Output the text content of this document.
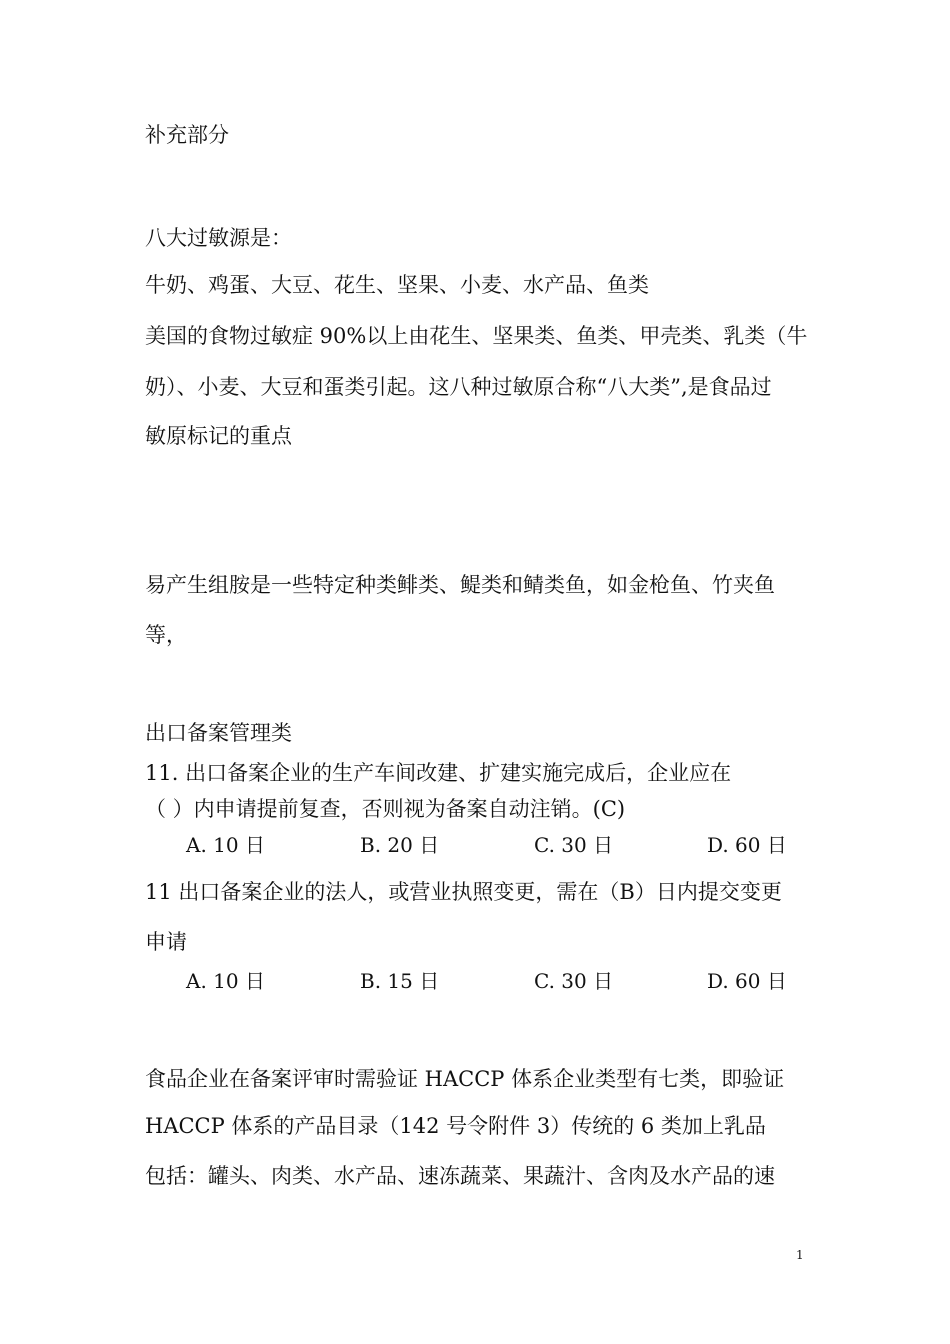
补充部分
八大过敏源是：
牛奶、鸡蛋、大豆、花生、坚果、小麦、水产品、鱼类
美国的食物过敏症 90%以上由花生、坚果类、鱼类、甲壳类、乳类（牛
奶）、小麦、大豆和蛋类引起。这八种过敏原合称“八大类”,是食品过
敏原标记的重点
易产生组胺是一些特定种类鲱类、鳀类和鲭类鱼，如金枪鱼、竹夹鱼
等，
出口备案管理类
11. 出口备案企业的生产车间改建、扩建实施完成后，企业应在
（ ）内申请提前复查，否则视为备案自动注销。(C)
A. 10 日	B. 20 日	C. 30 日	D. 60 日
11 出口备案企业的法人，或营业执照变更，需在（B）日内提交变更
申请
A. 10 日	B. 15 日	C. 30 日	D. 60 日
食品企业在备案评审时需验证 HACCP 体系企业类型有七类，即验证
HACCP 体系的产品目录（142 号令附件 3）传统的 6 类加上乳品
包括：罐头、肉类、水产品、速冻蔬菜、果蔬汁、含肉及水产品的速
1
